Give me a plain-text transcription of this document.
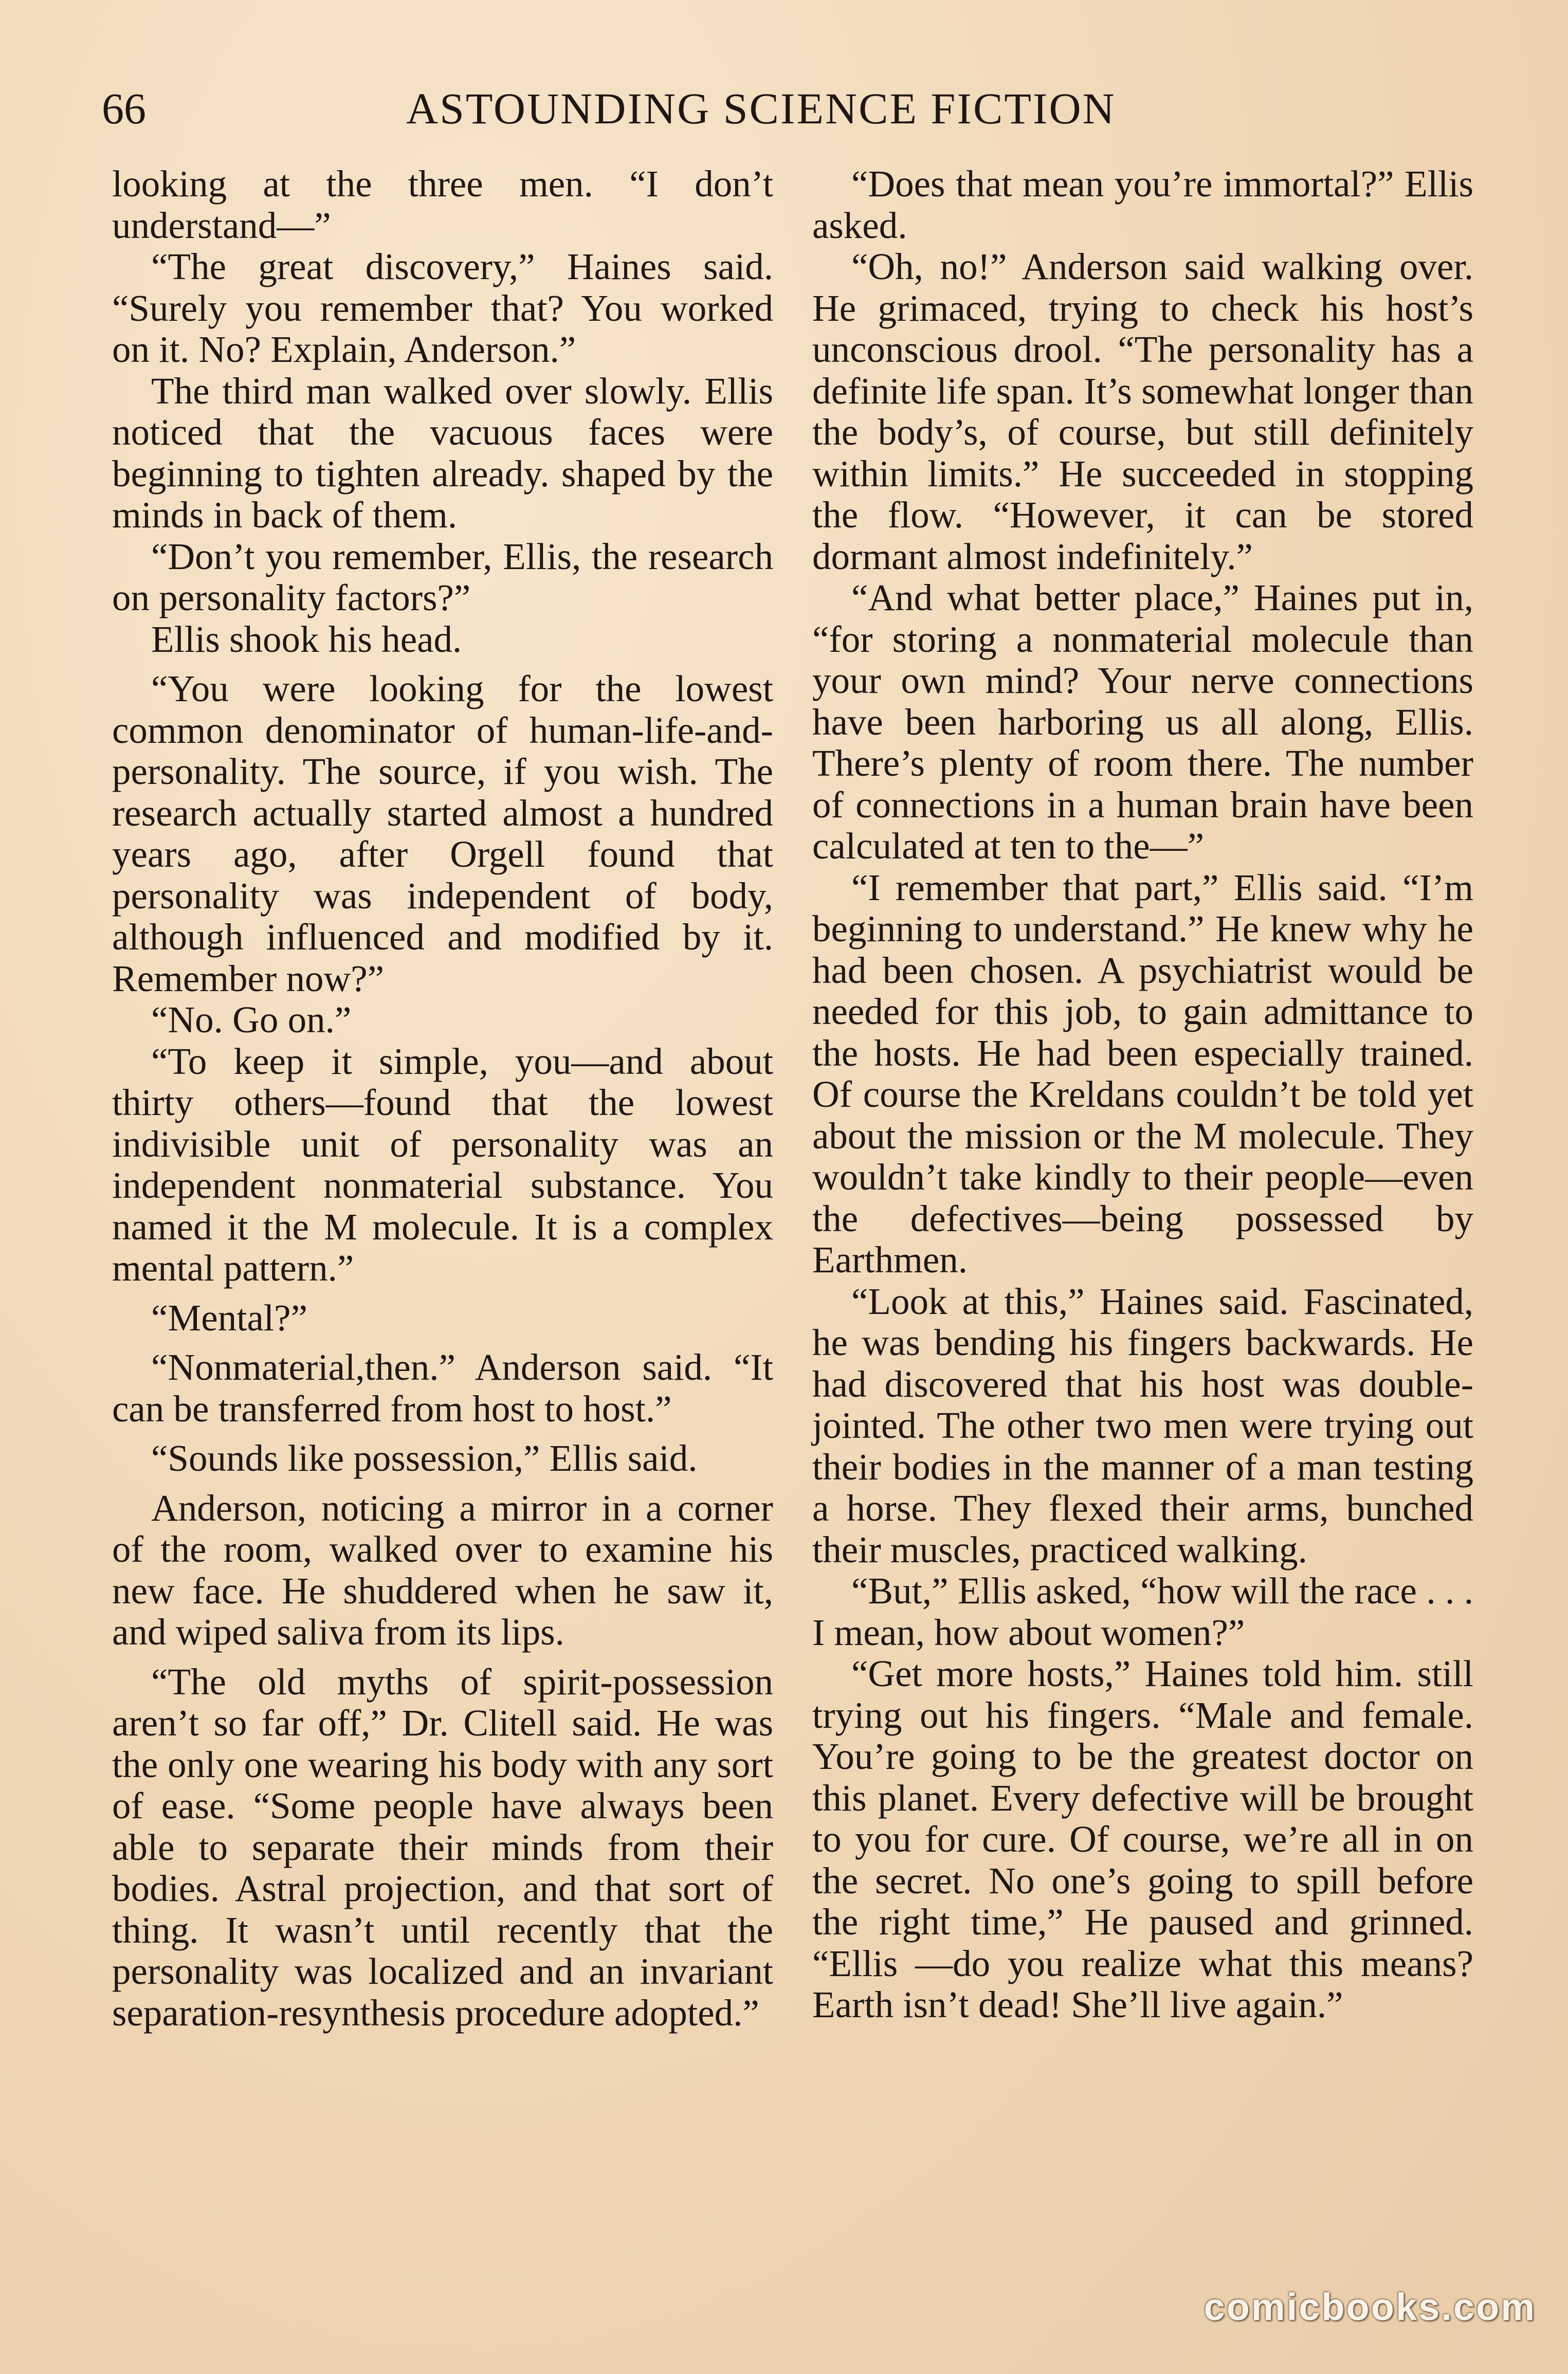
66	ASTOUNDING SCIENCE FICTION

looking at the three men. “I don’t understand—”

“The great discovery,” Haines said. “Surely you remember that? You worked on it. No? Explain, Anderson.”

The third man walked over slowly. Ellis noticed that the vacuous faces were beginning to tighten already. shaped by the minds in back of them.

“Don’t you remember, Ellis, the research on personality factors?”

Ellis shook his head.

“You were looking for the lowest common denominator of human-life-and-personality. The source, if you wish. The research actually started almost a hundred years ago, after Orgell found that personality was independent of body, although influenced and modified by it. Remember now?”

“No. Go on.”

“To keep it simple, you—and about thirty others—found that the lowest indivisible unit of personality was an independent nonmaterial substance. You named it the M molecule. It is a complex mental pattern.”

“Mental?”

“Nonmaterial,then.” Anderson said. “It can be transferred from host to host.”

“Sounds like possession,” Ellis said.

Anderson, noticing a mirror in a corner of the room, walked over to examine his new face. He shuddered when he saw it, and wiped saliva from its lips.

“The old myths of spirit-possession aren’t so far off,” Dr. Clitell said. He was the only one wearing his body with any sort of ease. “Some people have always been able to separate their minds from their bodies. Astral projection, and that sort of thing. It wasn’t until recently that the personality was localized and an invariant separation-resynthesis procedure adopted.”

“Does that mean you’re immortal?” Ellis asked.

“Oh, no!” Anderson said walking over. He grimaced, trying to check his host’s unconscious drool. “The personality has a definite life span. It’s somewhat longer than the body’s, of course, but still definitely within limits.” He succeeded in stopping the flow. “However, it can be stored dormant almost indefinitely.”

“And what better place,” Haines put in, “for storing a nonmaterial molecule than your own mind? Your nerve connections have been harboring us all along, Ellis. There’s plenty of room there. The number of connections in a human brain have been calculated at ten to the—”

“I remember that part,” Ellis said. “I’m beginning to understand.” He knew why he had been chosen. A psychiatrist would be needed for this job, to gain admittance to the hosts. He had been especially trained. Of course the Kreldans couldn’t be told yet about the mission or the M molecule. They wouldn’t take kindly to their people—even the defectives—being possessed by Earthmen.

“Look at this,” Haines said. Fascinated, he was bending his fingers backwards. He had discovered that his host was double-jointed. The other two men were trying out their bodies in the manner of a man testing a horse. They flexed their arms, bunched their muscles, practiced walking.

“But,” Ellis asked, “how will the race . . . I mean, how about women?”

“Get more hosts,” Haines told him. still trying out his fingers. “Male and female. You’re going to be the greatest doctor on this planet. Every defective will be brought to you for cure. Of course, we’re all in on the secret. No one’s going to spill before the right time,” He paused and grinned. “Ellis —do you realize what this means? Earth isn’t dead! She’ll live again.”

comicbooks.com
